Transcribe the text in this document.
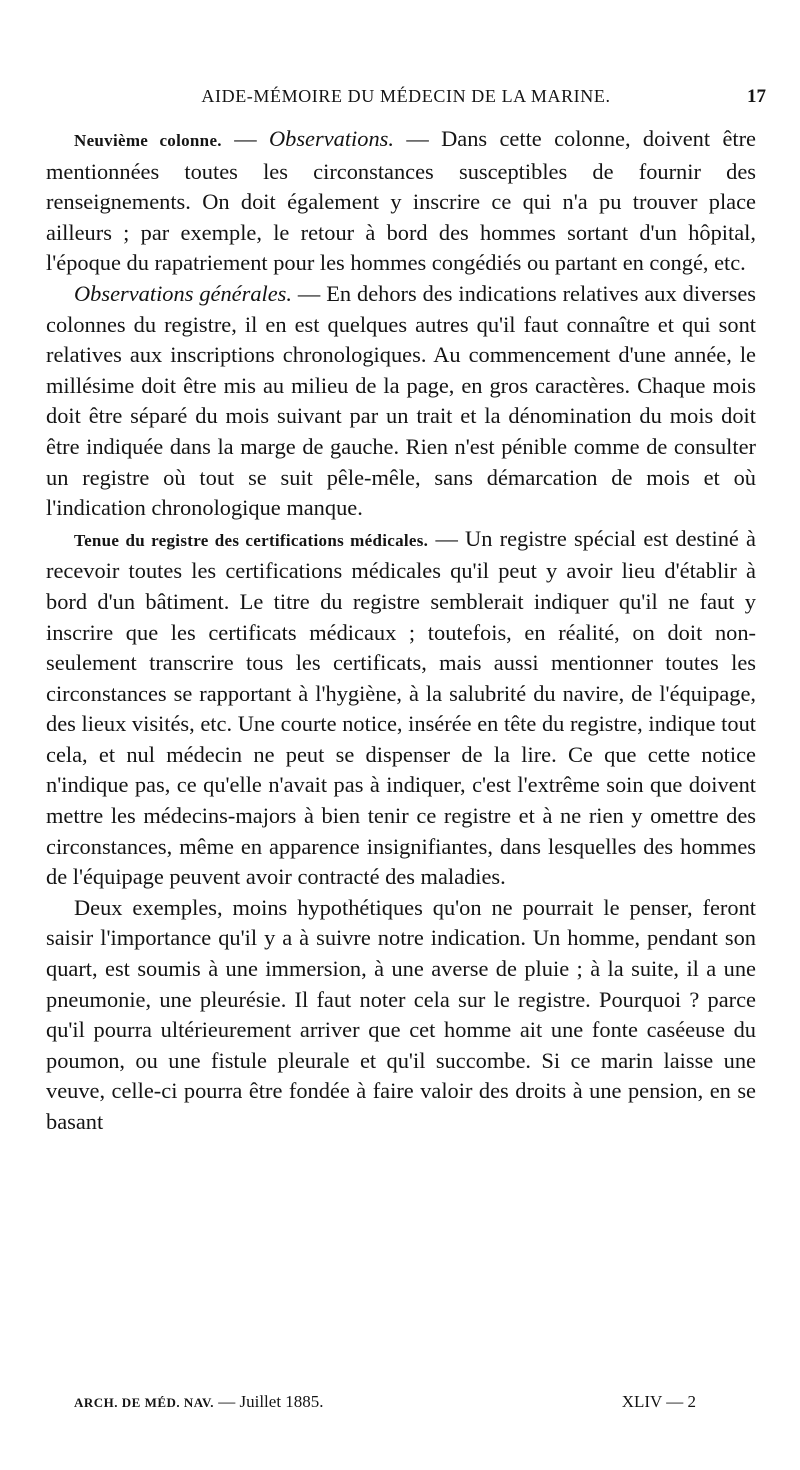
AIDE-MÉMOIRE DU MÉDECIN DE LA MARINE.	17

Neuvième colonne. — Observations. — Dans cette colonne, doivent être mentionnées toutes les circonstances susceptibles de fournir des renseignements. On doit également y inscrire ce qui n'a pu trouver place ailleurs ; par exemple, le retour à bord des hommes sortant d'un hôpital, l'époque du rapatriement pour les hommes congédiés ou partant en congé, etc.

Observations générales. — En dehors des indications relatives aux diverses colonnes du registre, il en est quelques autres qu'il faut connaître et qui sont relatives aux inscriptions chronologiques. Au commencement d'une année, le millésime doit être mis au milieu de la page, en gros caractères. Chaque mois doit être séparé du mois suivant par un trait et la dénomination du mois doit être indiquée dans la marge de gauche. Rien n'est pénible comme de consulter un registre où tout se suit pêle-mêle, sans démarcation de mois et où l'indication chronologique manque.

Tenue du registre des certifications médicales. — Un registre spécial est destiné à recevoir toutes les certifications médicales qu'il peut y avoir lieu d'établir à bord d'un bâtiment. Le titre du registre semblerait indiquer qu'il ne faut y inscrire que les certificats médicaux ; toutefois, en réalité, on doit non-seulement transcrire tous les certificats, mais aussi mentionner toutes les circonstances se rapportant à l'hygiène, à la salubrité du navire, de l'équipage, des lieux visités, etc. Une courte notice, insérée en tête du registre, indique tout cela, et nul médecin ne peut se dispenser de la lire. Ce que cette notice n'indique pas, ce qu'elle n'avait pas à indiquer, c'est l'extrême soin que doivent mettre les médecins-majors à bien tenir ce registre et à ne rien y omettre des circonstances, même en apparence insignifiantes, dans lesquelles des hommes de l'équipage peuvent avoir contracté des maladies.

Deux exemples, moins hypothétiques qu'on ne pourrait le penser, feront saisir l'importance qu'il y a à suivre notre indication. Un homme, pendant son quart, est soumis à une immersion, à une averse de pluie ; à la suite, il a une pneumonie, une pleurésie. Il faut noter cela sur le registre. Pourquoi ? parce qu'il pourra ultérieurement arriver que cet homme ait une fonte caséeuse du poumon, ou une fistule pleurale et qu'il succombe. Si ce marin laisse une veuve, celle-ci pourra être fondée à faire valoir des droits à une pension, en se basant

ARCH. DE MÉD. NAV. — Juillet 1885.	XLIV — 2
